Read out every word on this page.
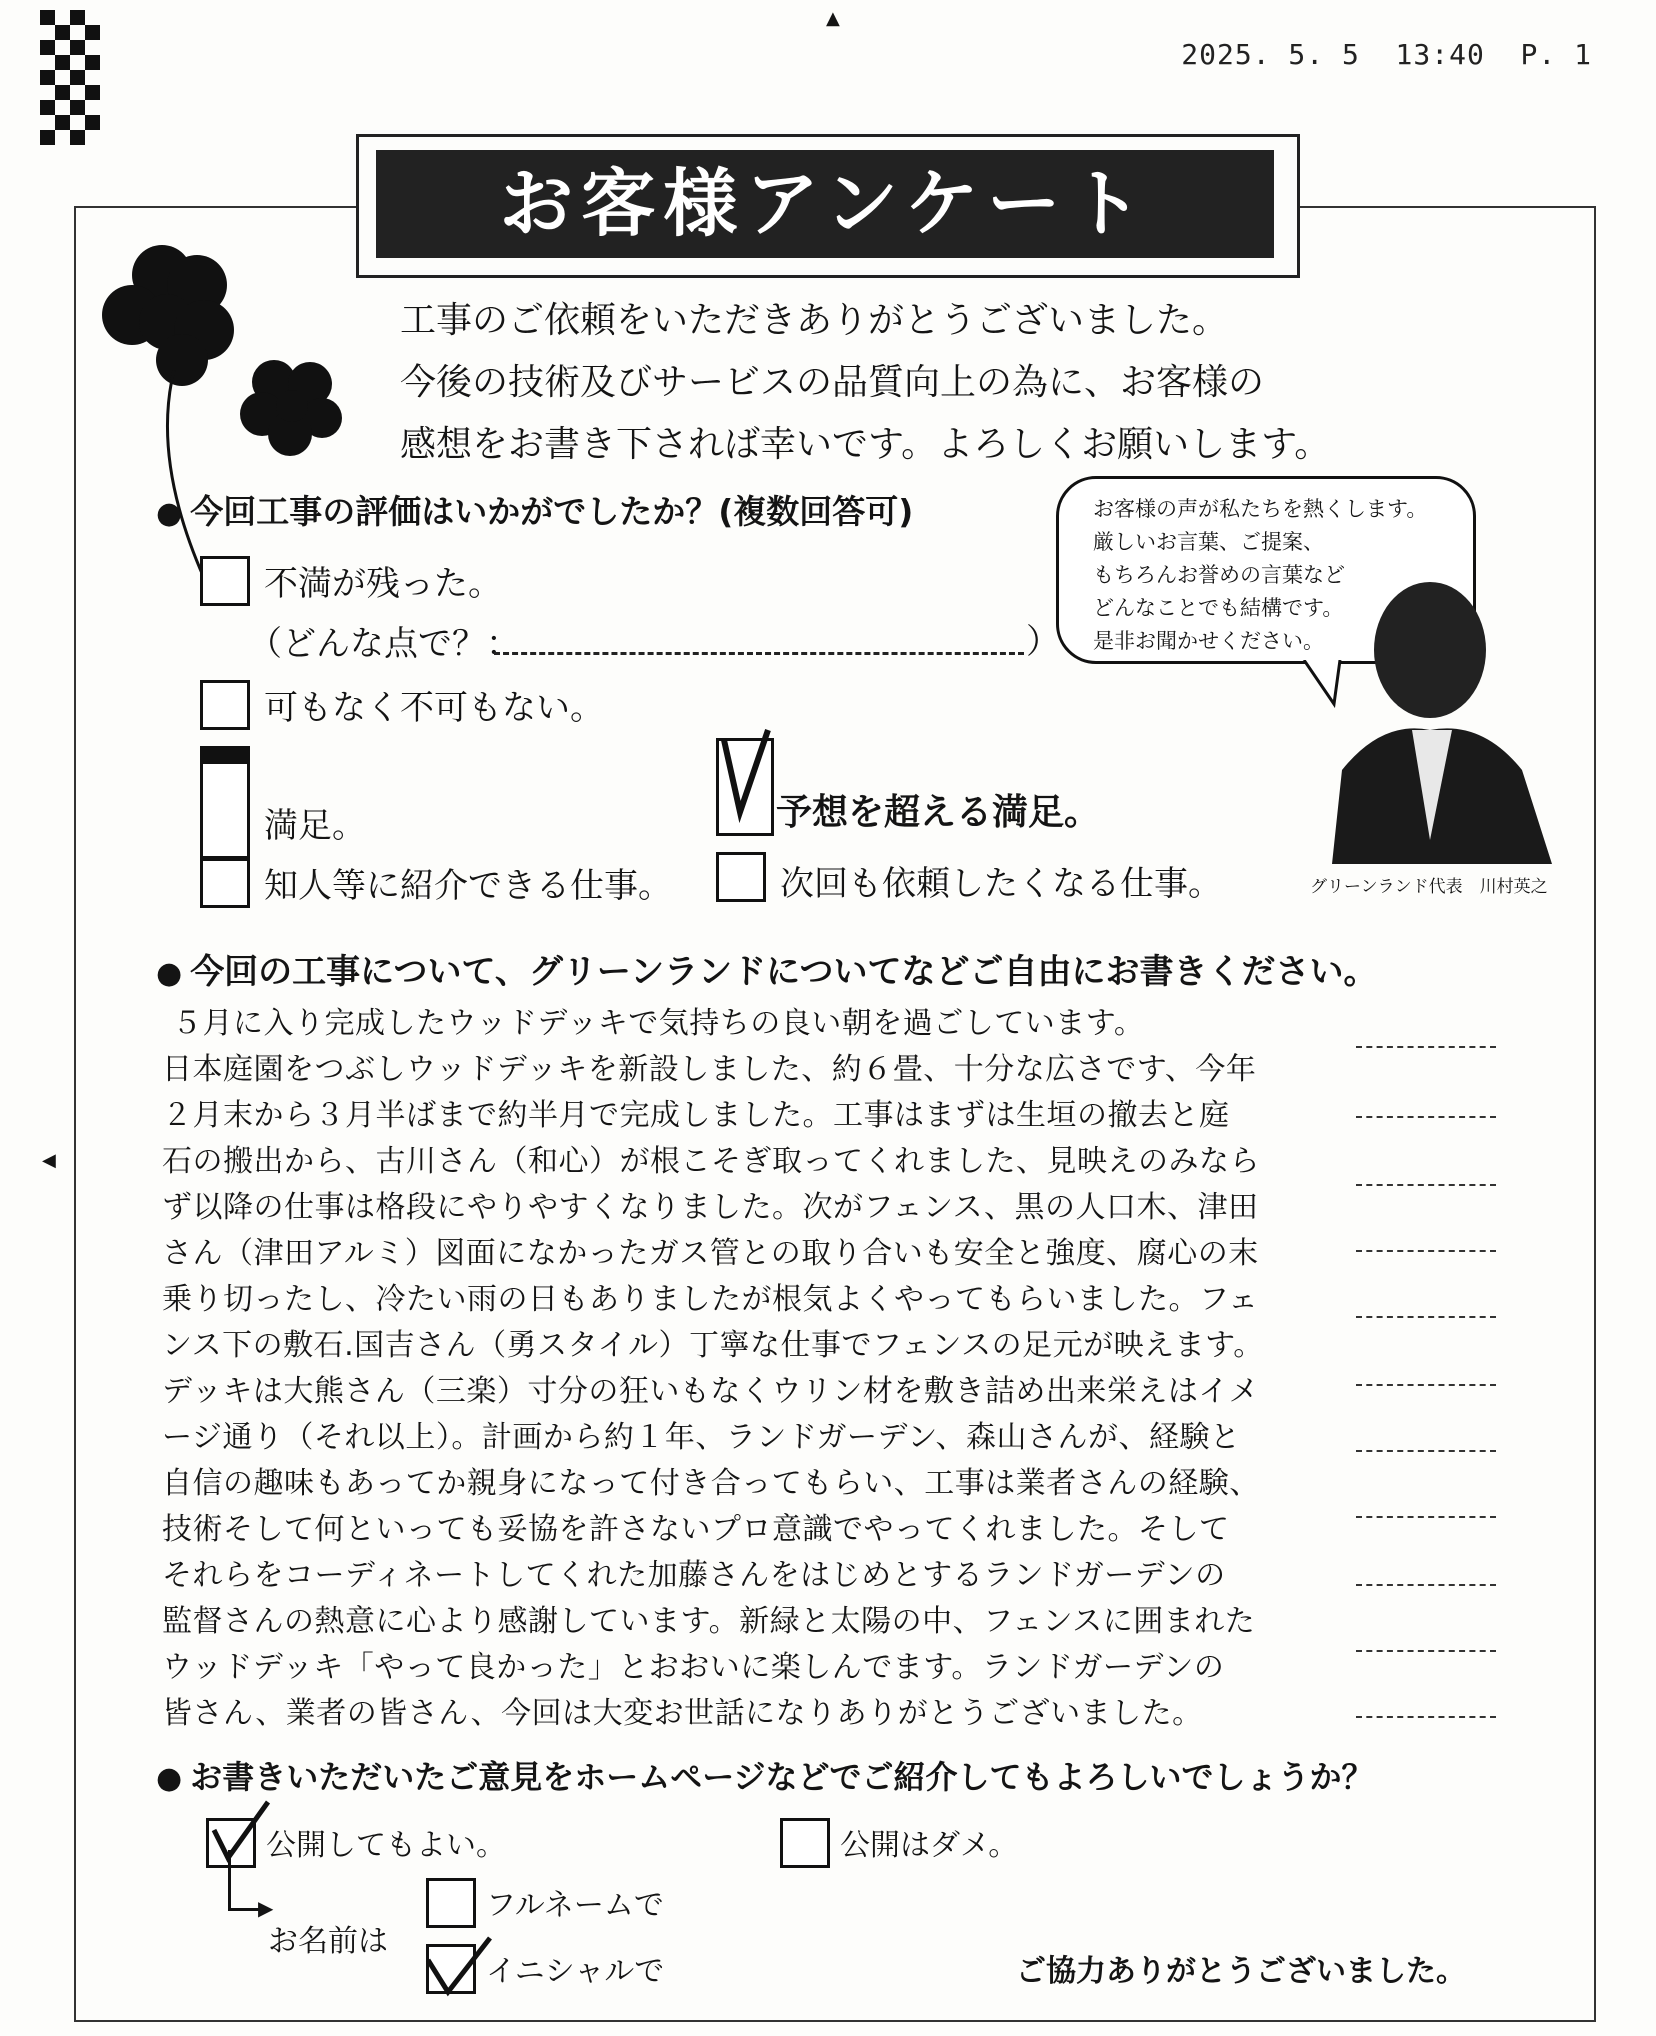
▲
◀
2025. 5. 5  13:40  P. 1
お客様アンケート
工事のご依頼をいただきありがとうございました。
今後の技術及びサービスの品質向上の為に、お客様の
感想をお書き下されば幸いです。よろしくお願いします。
● 今回工事の評価はいかがでしたか？(複数回答可)
不満が残った。
（どんな点で？：	）
可もなく不可もない。
満足。	予想を超える満足。
知人等に紹介できる仕事。	次回も依頼したくなる仕事。
お客様の声が私たちを熱くします。
厳しいお言葉、ご提案、
もちろんお誉めの言葉など
どんなことでも結構です。
是非お聞かせください。
グリーンランド代表　川村英之
● 今回の工事について、グリーンランドについてなどご自由にお書きください。
５月に入り完成したウッドデッキで気持ちの良い朝を過ごしています。
日本庭園をつぶしウッドデッキを新設しました、約６畳、十分な広さです、今年
２月末から３月半ばまで約半月で完成しました。工事はまずは生垣の撤去と庭
石の搬出から、古川さん（和心）が根こそぎ取ってくれました、見映えのみなら
ず以降の仕事は格段にやりやすくなりました。次がフェンス、黒の人口木、津田
さん（津田アルミ）図面になかったガス管との取り合いも安全と強度、腐心の末
乗り切ったし、冷たい雨の日もありましたが根気よくやってもらいました。フェ
ンス下の敷石.国吉さん（勇スタイル）丁寧な仕事でフェンスの足元が映えます。
デッキは大熊さん（三楽）寸分の狂いもなくウリン材を敷き詰め出来栄えはイメ
ージ通り（それ以上）。計画から約１年、ランドガーデン、森山さんが、経験と
自信の趣味もあってか親身になって付き合ってもらい、工事は業者さんの経験、
技術そして何といっても妥協を許さないプロ意識でやってくれました。そして
それらをコーディネートしてくれた加藤さんをはじめとするランドガーデンの
監督さんの熱意に心より感謝しています。新緑と太陽の中、フェンスに囲まれた
ウッドデッキ「やって良かった」とおおいに楽しんでます。ランドガーデンの
皆さん、業者の皆さん、今回は大変お世話になりありがとうございました。
● お書きいただいたご意見をホームページなどでご紹介してもよろしいでしょうか？
公開してもよい。	公開はダメ。
▶
お名前は
フルネームで
イニシャルで	ご協力ありがとうございました。
